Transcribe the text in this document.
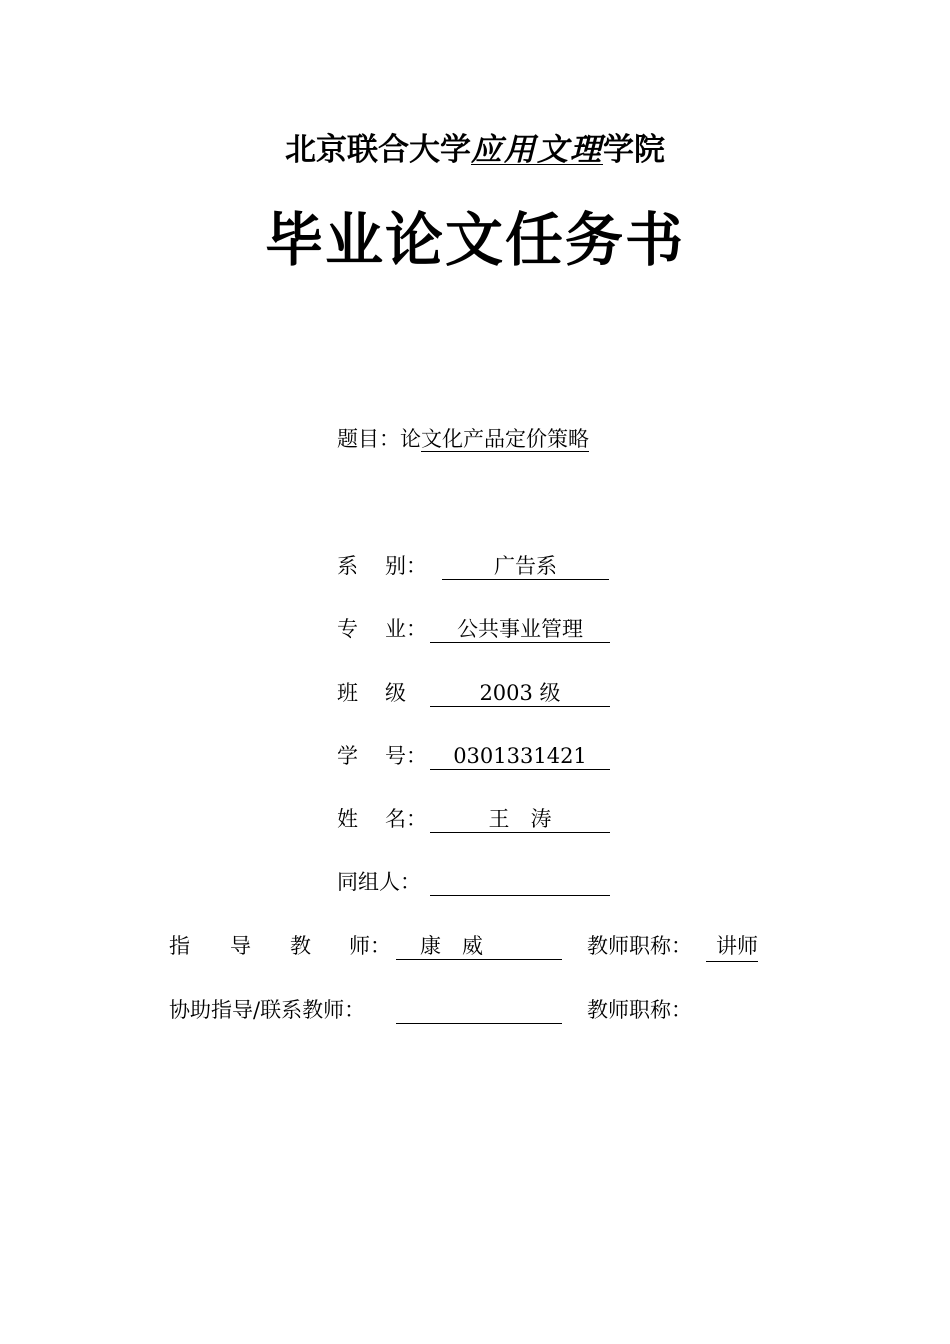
北京联合大学应用文理学院
毕业论文任务书
题目：论文化产品定价策略
系 别：	广告系
专 业：	公共事业管理
班 级	2003 级
学 号：	0301331421
姓 名：	王　涛
同组人：
指 导 教 师：	康　威	教师职称：	讲师
协助指导/联系教师：	教师职称：
